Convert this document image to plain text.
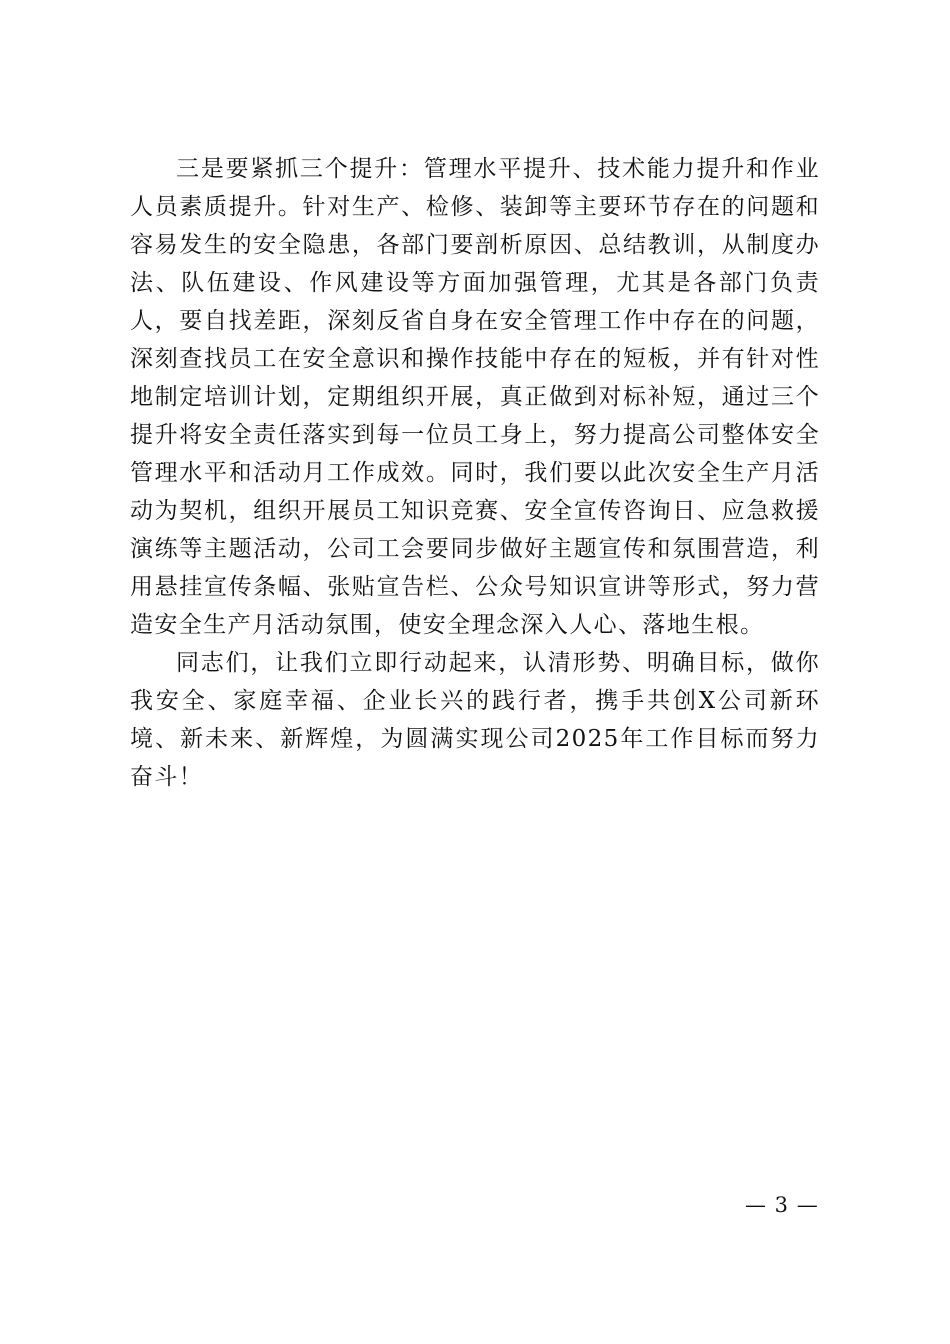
三是要紧抓三个提升：管理水平提升、技术能力提升和作业人员素质提升。针对生产、检修、装卸等主要环节存在的问题和容易发生的安全隐患，各部门要剖析原因、总结教训，从制度办法、队伍建设、作风建设等方面加强管理，尤其是各部门负责人，要自找差距，深刻反省自身在安全管理工作中存在的问题，深刻查找员工在安全意识和操作技能中存在的短板，并有针对性地制定培训计划，定期组织开展，真正做到对标补短，通过三个提升将安全责任落实到每一位员工身上，努力提高公司整体安全管理水平和活动月工作成效。同时，我们要以此次安全生产月活动为契机，组织开展员工知识竞赛、安全宣传咨询日、应急救援演练等主题活动，公司工会要同步做好主题宣传和氛围营造，利用悬挂宣传条幅、张贴宣告栏、公众号知识宣讲等形式，努力营造安全生产月活动氛围，使安全理念深入人心、落地生根。

同志们，让我们立即行动起来，认清形势、明确目标，做你我安全、家庭幸福、企业长兴的践行者，携手共创X公司新环境、新未来、新辉煌，为圆满实现公司2025年工作目标而努力奋斗！

— 3 —
